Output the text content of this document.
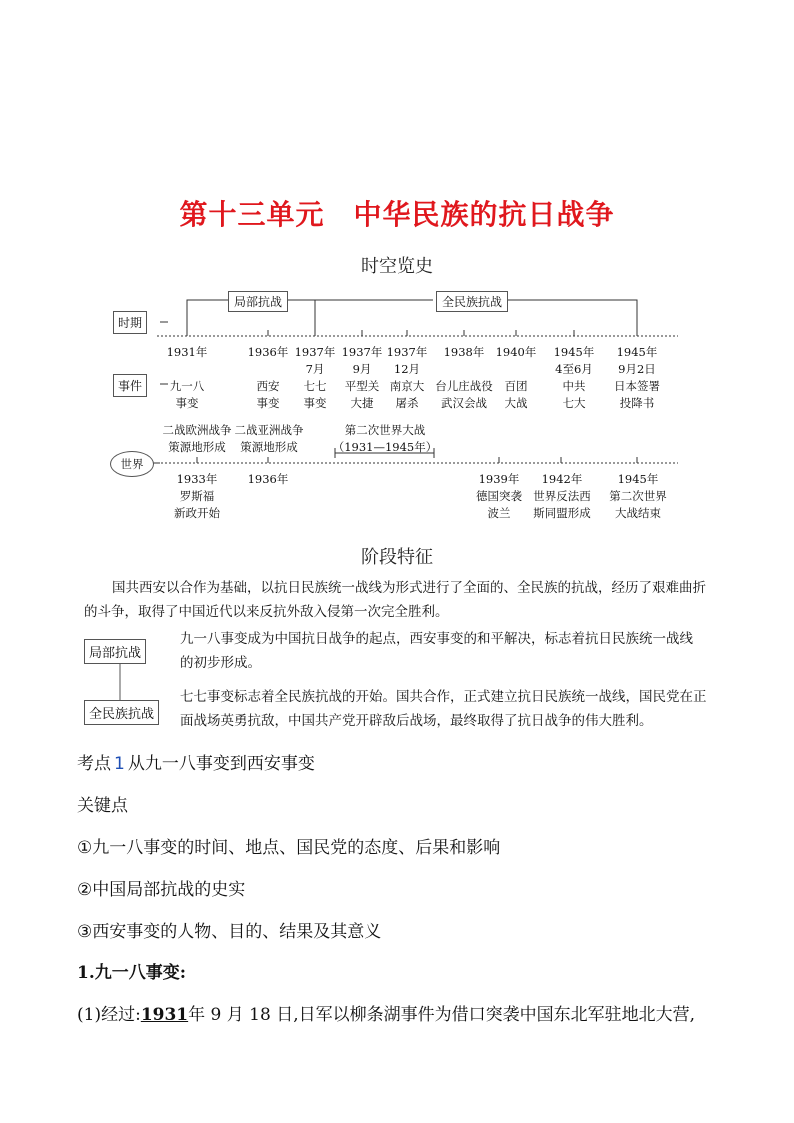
第十三单元　中华民族的抗日战争
时空览史
局部抗战	全民族抗战
时期
事件
世界
1931年
九一八
事变
1936年
西安
事变
1937年
7月
七七
事变
1937年
9月
平型关
大捷
1937年
12月
南京大
屠杀
1938年
台儿庄战役
武汉会战
1940年
百团
大战
1945年
4至6月
中共
七大
1945年
9月2日
日本签署
投降书
二战欧洲战争
策源地形成
二战亚洲战争
策源地形成
第二次世界大战
（1931—1945年）
1933年
罗斯福
新政开始
1936年	1939年
德国突袭
波兰
1942年
世界反法西
斯同盟形成
1945年
第二次世界
大战结束
阶段特征
国共西安以合作为基础，以抗日民族统一战线为形式进行了全面的、全民族的抗战，经历了艰难曲折的斗争，取得了中国近代以来反抗外敌入侵第一次完全胜利。
局部抗战
九一八事变成为中国抗日战争的起点，西安事变的和平解决，标志着抗日民族统一战线的初步形成。
全民族抗战
七七事变标志着全民族抗战的开始。国共合作，正式建立抗日民族统一战线，国民党在正面战场英勇抗敌，中国共产党开辟敌后战场，最终取得了抗日战争的伟大胜利。
考点 1 从九一八事变到西安事变
关键点
①九一八事变的时间、地点、国民党的态度、后果和影响
②中国局部抗战的史实
③西安事变的人物、目的、结果及其意义
1.九一八事变:
(1)经过:1931年 9 月 18 日,日军以柳条湖事件为借口突袭中国东北军驻地北大营,
